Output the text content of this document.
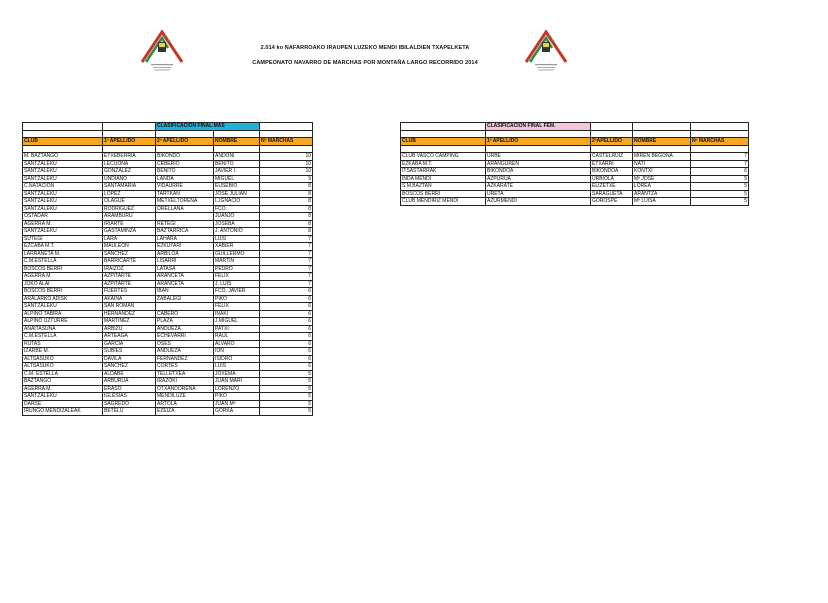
2.014 ko NAFARROAKO IRAUPEN LUZEKO MENDI IBILALDIEN TXAPELKETA
CAMPEONATO NAVARRO DE MARCHAS POR MONTAÑA LARGO RECORRIDO 2014
		CLASIFICACION FINAL MAS		

CLUB	1º APELLIDO	2º APELLIDO	NOMBRE	Nº MARCHAS

M. BAZTANGO	ETXEBERRIA	BIKONDO	ANDONI	10
SANTZALEKU	LECUONA	CEBERIO	BENITO	10
SANTZALEKU	GONZALEZ	BENITO	JAVIER I.	10
SANTZALEKU	UNDIANO	LANDA	MIGUEL	9
C.NATACION	SANTAMARIA	VIDAURRE	EUSEBIO	8
SANTZALEKU	LOPEZ	TARTKAN	JOSE JULIAN	8
SANTZALEKU	OLAGUE	METXELTORENA	L.IGNACIO	8
SANTZALEKU	RODRIGUEZ	ORELLANA	FCO.	8
OSTADAR	ARAMBURU		JUANJO	8
AGERRA M.	IRIARTE	RETEGI	JOSEBA	8
SANTZALEKU	GASTAMINZA	BAZTARRICA	J. ANTONIO	8
SUTEGI	LARA	LAHARA	LUIS	7
EZCABA M.T.	MAULEON	EZKUTARI	XABIER	7
LARRAÑETA M.	SANCHEZ	ARBILOA	GUILLERMO	7
C.M.ESTELLA	BARRICARTE	LISARRI	MARTIN	7
BOSCOS BERRI	IRAIZOZ	LATASA	PEDRO	7
AGERRA M.	AZPITARTE	ARANCETA	FELIX	7
JOKO ALAI	AZPITARTE	ARANCETA	J. LUIS	7
BOSCOS BERRI	FUERTES	IBAN	FCO. JAVIER	6
ARALARKO ADISK	AKAINA	ZABALEGI	PIKO	6
SANTZALEKU	SAN ROMAN		FELIX	6
ALPINO TABIRA	HERNANDEZ	CABERO	IÑAKI	6
ALPINO UZTURRE	MARTINEZ	PLAZA	J.MIGUEL	6
ANAITASUNA	ARBIZU	ANDUEZA	PATXI	6
C.M.ESTELLA	ARTEAGA	ECHEVARRI	RAUL	6
RUTAS	GARCIA	OSES	ALVARO	6
IZARBE M.	SUBIES	ANDUEZA	ION	6
ALTSASUKO	DAVILA	FERNANDEZ	ISIDRO	6
ALTSASUKO	SANCHEZ	CORTES	LUIS	6
C.M. ESTELLA	ALDABE	TELLETXEA	JOXEMA	5
BAZTANGO	ARBURUA	IRAZOKI	JUAN MARI	5
AGERRA M.	ERASO	OTXANDORENA	LORENZO	5
SANTZALEKU	IGLESIAS	MENDILUZE	PIKO	5
DARSE	SAGREDO	ARTOLA	JUAN Mª	5
IRUNGO MENDIZALEAK	BETELU	EZEIZA	GORKA	5
	CLASIFICACION FINAL FEM.			

CLUB	1º APELLIDO	2ºAPELLIDO	NOMBRE	Nº MARCHAS

CLUB VASCO CAMPING	URBE	CASTELRUIZ	MIREN BEGOÑA	7
EZKABA M.T.	ARANGUREN	ETXARRI	NATI	7
ITSASTARRAK	BIKONDOA	BIKONDOA	KONTXI	6
INDA MENDI	AZPURUA	URBIOLA	Mª JOSE	5
S.M.BAZTAN	AZKARATE	ELIZETXE	LOREA	5
BOSCOS BERRI	URETA	SARAGUETA	ARANTZA	5
CLUB MENDIRIZ MENDI	AZURMENDI	GOROSPE	Mª LUISA	5
